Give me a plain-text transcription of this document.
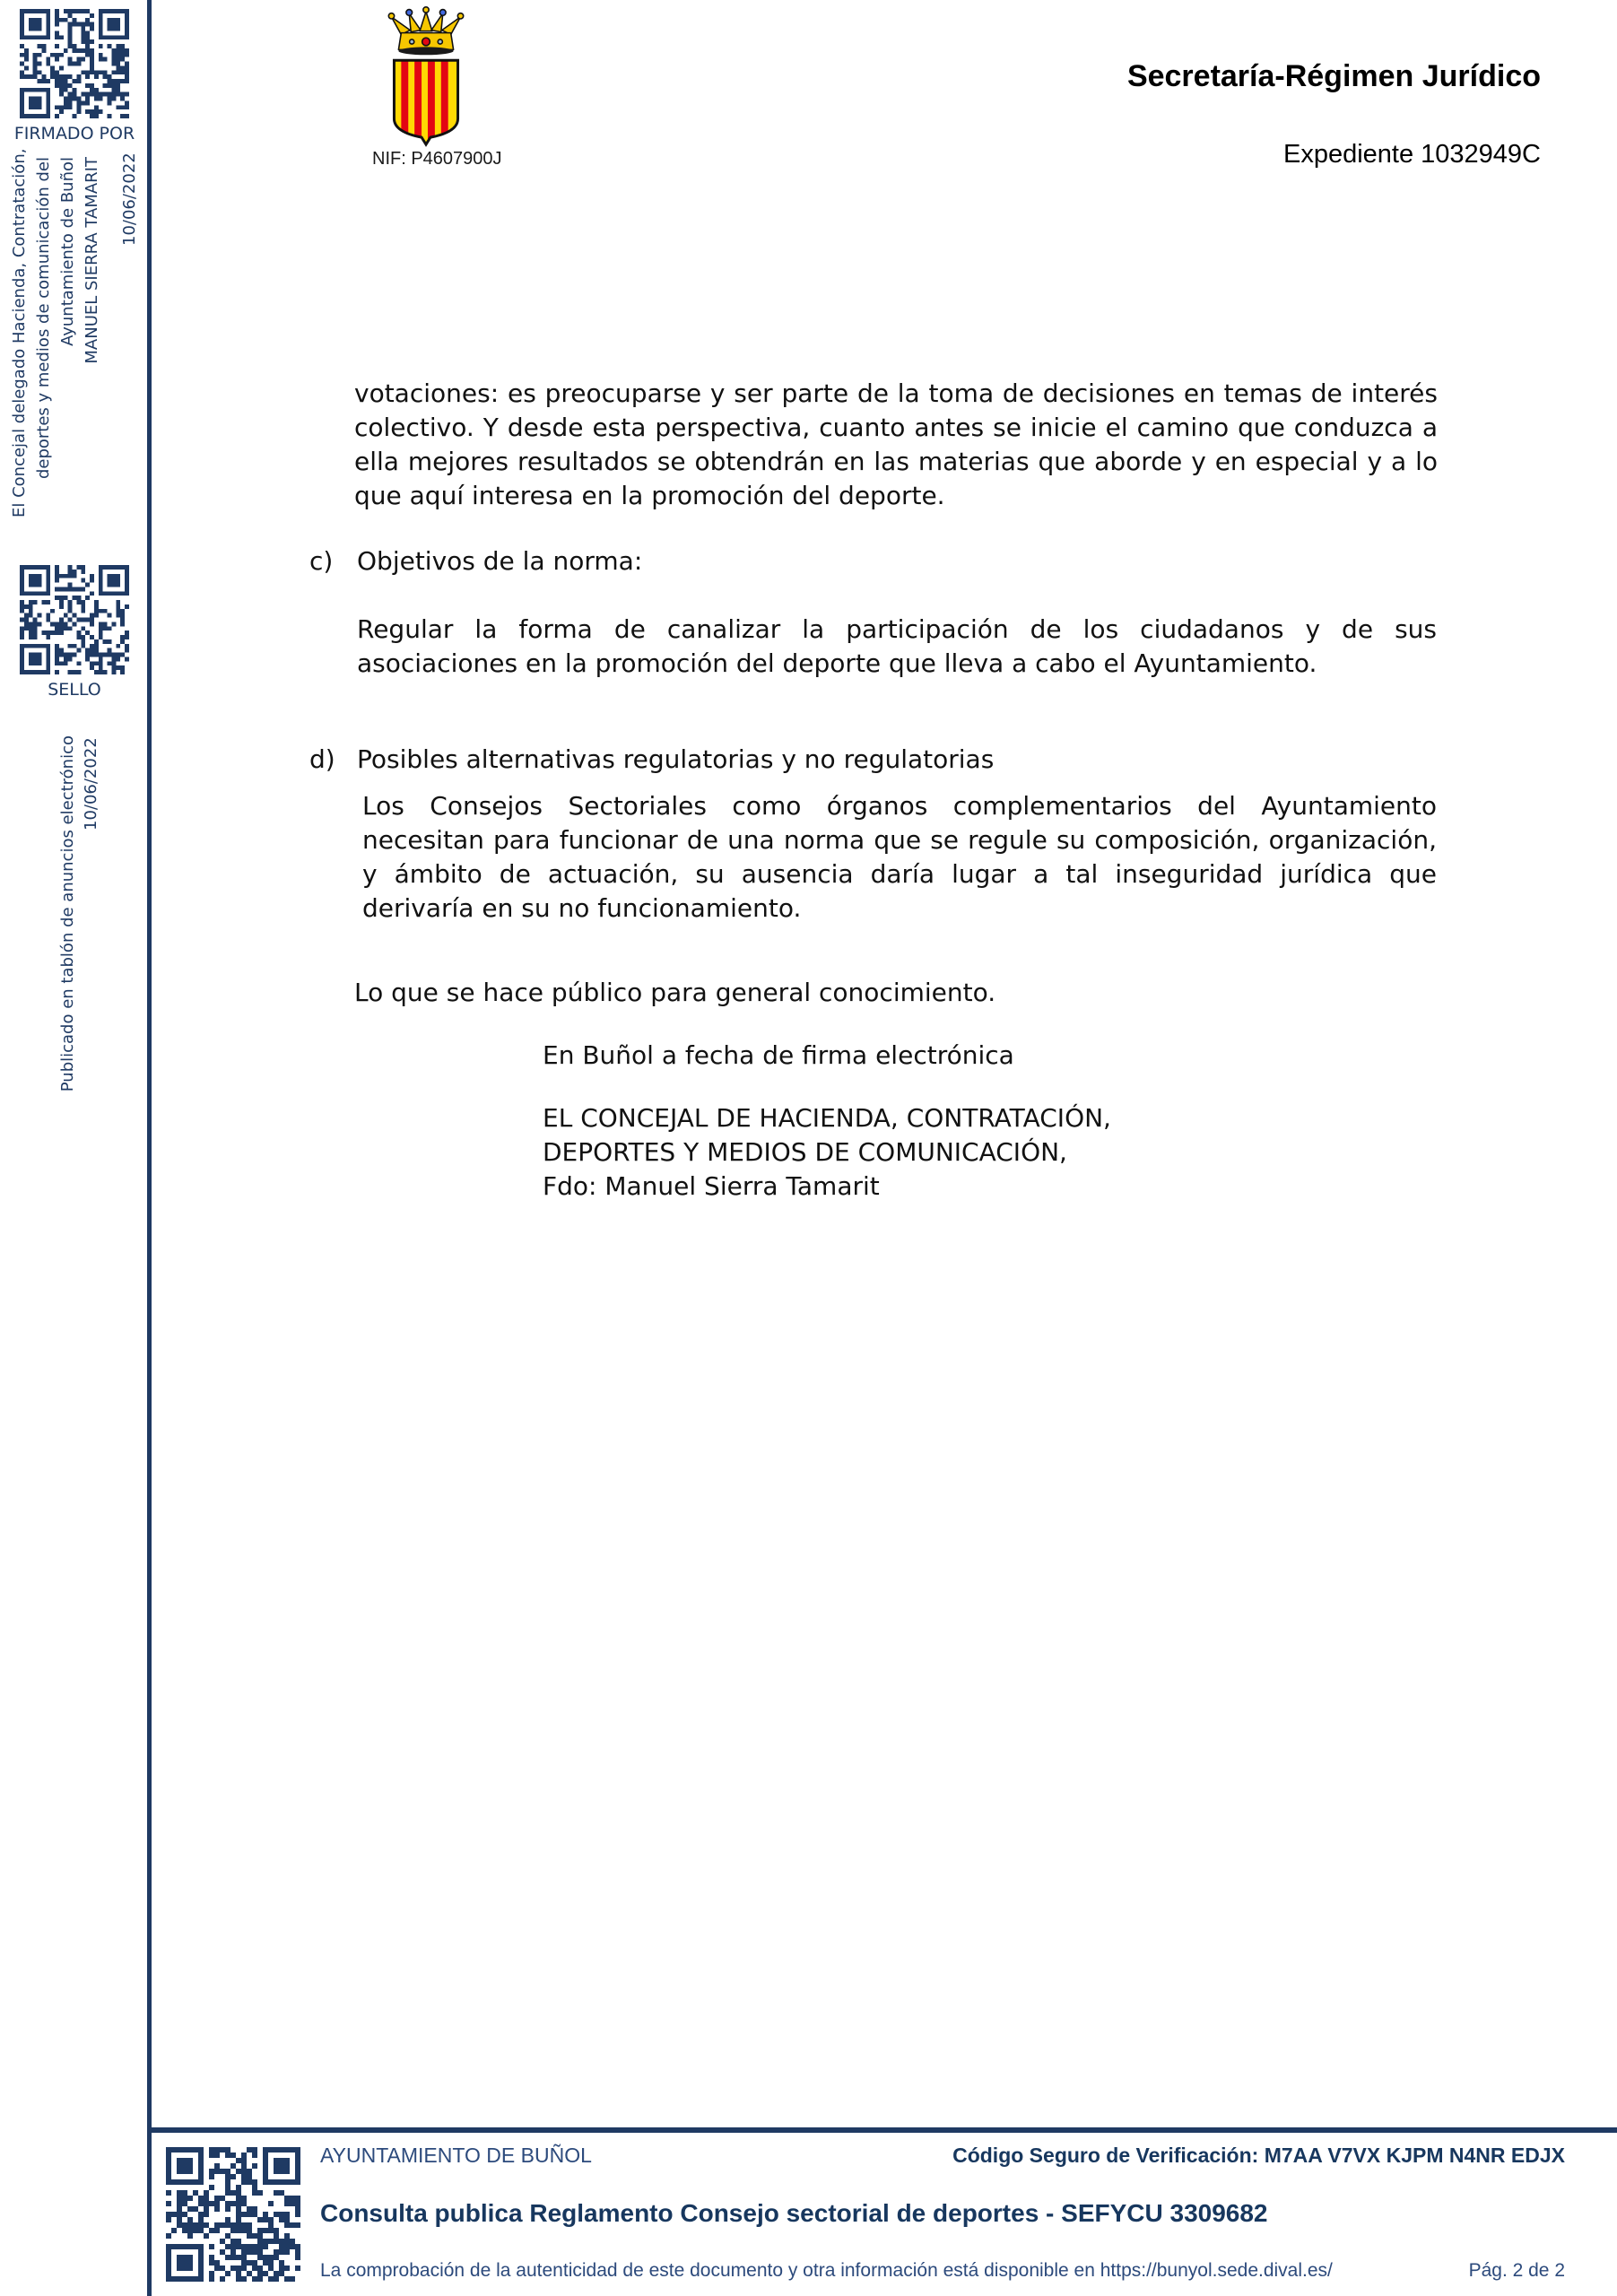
FIRMADO POR
El Concejal delegado Hacienda, Contratación, deportes y medios de comunicación del Ayuntamiento de Buñol MANUEL SIERRA TAMARIT 10/06/2022
SELLO
Publicado en tablón de anuncios electrónico 10/06/2022
NIF: P4607900J
Secretaría-Régimen Jurídico
Expediente 1032949C
votaciones: es preocuparse y ser parte de la toma de decisiones en temas de interés colectivo. Y desde esta perspectiva, cuanto antes se inicie el camino que conduzca a ella mejores resultados se obtendrán en las materias que aborde y en especial y a lo que aquí interesa en la promoción del deporte.
c) Objetivos de la norma:
Regular la forma de canalizar la participación de los ciudadanos y de sus asociaciones en la promoción del deporte que lleva a cabo el Ayuntamiento.
d) Posibles alternativas regulatorias y no regulatorias
Los Consejos Sectoriales como órganos complementarios del Ayuntamiento necesitan para funcionar de una norma que se regule su composición, organización, y ámbito de actuación, su ausencia daría lugar a tal inseguridad jurídica que derivaría en su no funcionamiento.
Lo que se hace público para general conocimiento.
En Buñol a fecha de firma electrónica
EL CONCEJAL DE HACIENDA, CONTRATACIÓN,
DEPORTES Y MEDIOS DE COMUNICACIÓN,
Fdo: Manuel Sierra Tamarit
AYUNTAMIENTO DE BUÑOL	Código Seguro de Verificación: M7AA V7VX KJPM N4NR EDJX
Consulta publica Reglamento Consejo sectorial de deportes - SEFYCU 3309682
La comprobación de la autenticidad de este documento y otra información está disponible en https://bunyol.sede.dival.es/	Pág. 2 de 2
